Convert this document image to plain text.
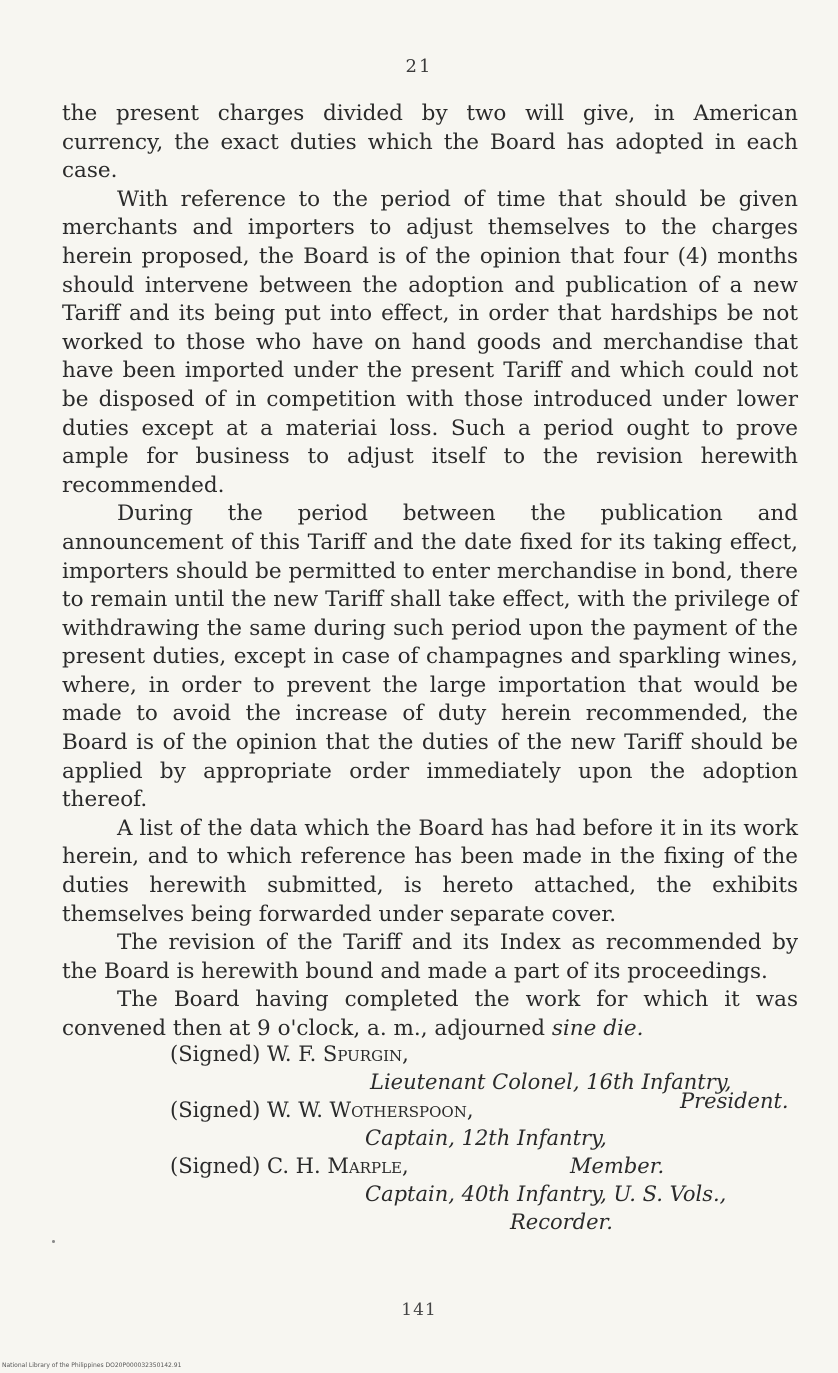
21

the present charges divided by two will give, in American currency, the exact duties which the Board has adopted in each case.

With reference to the period of time that should be given merchants and importers to adjust themselves to the charges herein proposed, the Board is of the opinion that four (4) months should intervene between the adoption and publication of a new Tariff and its being put into effect, in order that hardships be not worked to those who have on hand goods and merchandise that have been imported under the present Tariff and which could not be disposed of in competition with those introduced under lower duties except at a materiai loss. Such a period ought to prove ample for business to adjust itself to the revision herewith recommended.

During the period between the publication and announcement of this Tariff and the date fixed for its taking effect, importers should be permitted to enter merchandise in bond, there to remain until the new Tariff shall take effect, with the privilege of withdrawing the same during such period upon the payment of the present duties, except in case of champagnes and sparkling wines, where, in order to prevent the large importation that would be made to avoid the increase of duty herein recommended, the Board is of the opinion that the duties of the new Tariff should be applied by appropriate order immediately upon the adoption thereof.

A list of the data which the Board has had before it in its work herein, and to which reference has been made in the fixing of the duties herewith submitted, is hereto attached, the exhibits themselves being forwarded under separate cover.

The revision of the Tariff and its Index as recommended by the Board is herewith bound and made a part of its proceedings.

The Board having completed the work for which it was convened then at 9 o'clock, a. m., adjourned sine die.

(Signed) W. F. Spurgin,
Lieutenant Colonel, 16th Infantry,
(Signed) W. W. Wotherspoon,	President.
Captain, 12th Infantry,
(Signed) C. H. Marple,	Member.
Captain, 40th Infantry, U. S. Vols.,
Recorder.
141
National Library of the Philippines DO20P000032350142.91
